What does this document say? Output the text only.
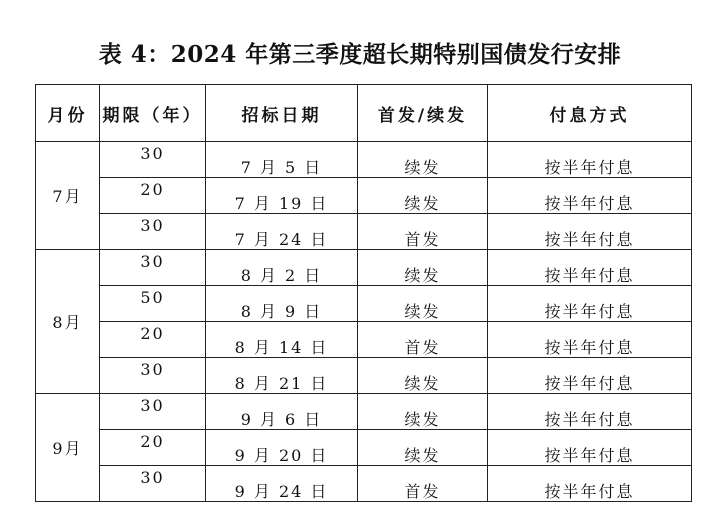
表 4：2024 年第三季度超长期特别国债发行安排
月份	期限（年）	招标日期	首发/续发	付息方式
7月	30	7 月 5 日	续发	按半年付息
	20	7 月 19 日	续发	按半年付息
	30	7 月 24 日	首发	按半年付息
8月	30	8 月 2 日	续发	按半年付息
	50	8 月 9 日	续发	按半年付息
	20	8 月 14 日	首发	按半年付息
	30	8 月 21 日	续发	按半年付息
9月	30	9 月 6 日	续发	按半年付息
	20	9 月 20 日	续发	按半年付息
	30	9 月 24 日	首发	按半年付息
